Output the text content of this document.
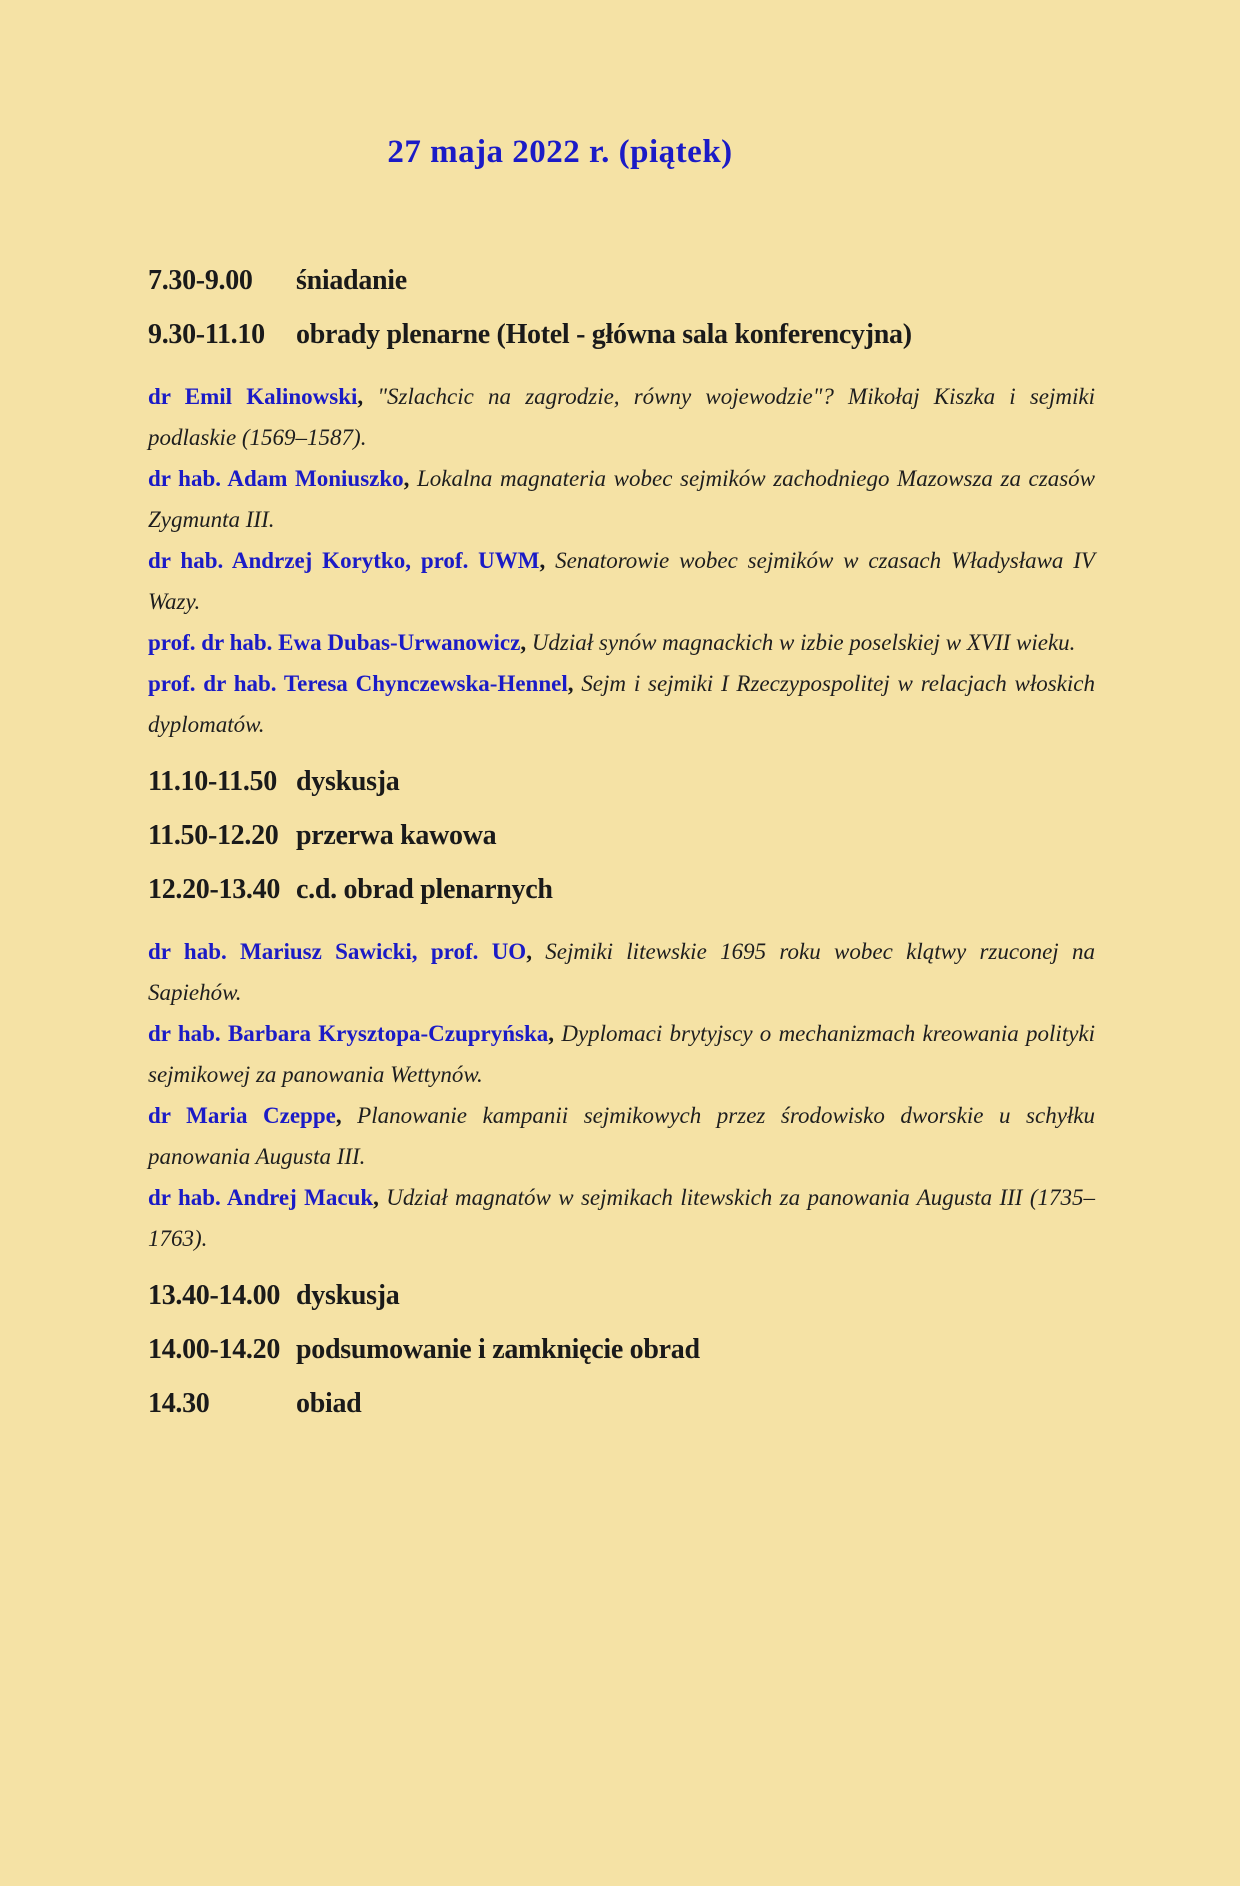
27 maja 2022 r. (piątek)
7.30-9.00	śniadanie
9.30-11.10	obrady plenarne (Hotel - główna sala konferencyjna)

dr Emil Kalinowski, "Szlachcic na zagrodzie, równy wojewodzie"? Mikołaj Kiszka i sejmiki podlaskie (1569–1587).

dr hab. Adam Moniuszko, Lokalna magnateria wobec sejmików zachodniego Mazowsza za czasów Zygmunta III.

dr hab. Andrzej Korytko, prof. UWM, Senatorowie wobec sejmików w czasach Władysława IV Wazy.

prof. dr hab. Ewa Dubas-Urwanowicz, Udział synów magnackich w izbie poselskiej w XVII wieku.

prof. dr hab. Teresa Chynczewska-Hennel, Sejm i sejmiki I Rzeczypospolitej w relacjach włoskich dyplomatów.

11.10-11.50 dyskusja
11.50-12.20 przerwa kawowa
12.20-13.40 c.d. obrad plenarnych

dr hab. Mariusz Sawicki, prof. UO, Sejmiki litewskie 1695 roku wobec klątwy rzuconej na Sapiehów.

dr hab. Barbara Krysztopa-Czupryńska, Dyplomaci brytyjscy o mechanizmach kreowania polityki sejmikowej za panowania Wettynów.

dr Maria Czeppe, Planowanie kampanii sejmikowych przez środowisko dworskie u schyłku panowania Augusta III.

dr hab. Andrej Macuk, Udział magnatów w sejmikach litewskich za panowania Augusta III (1735–1763).

13.40-14.00 dyskusja
14.00-14.20 podsumowanie i zamknięcie obrad
14.30	obiad
